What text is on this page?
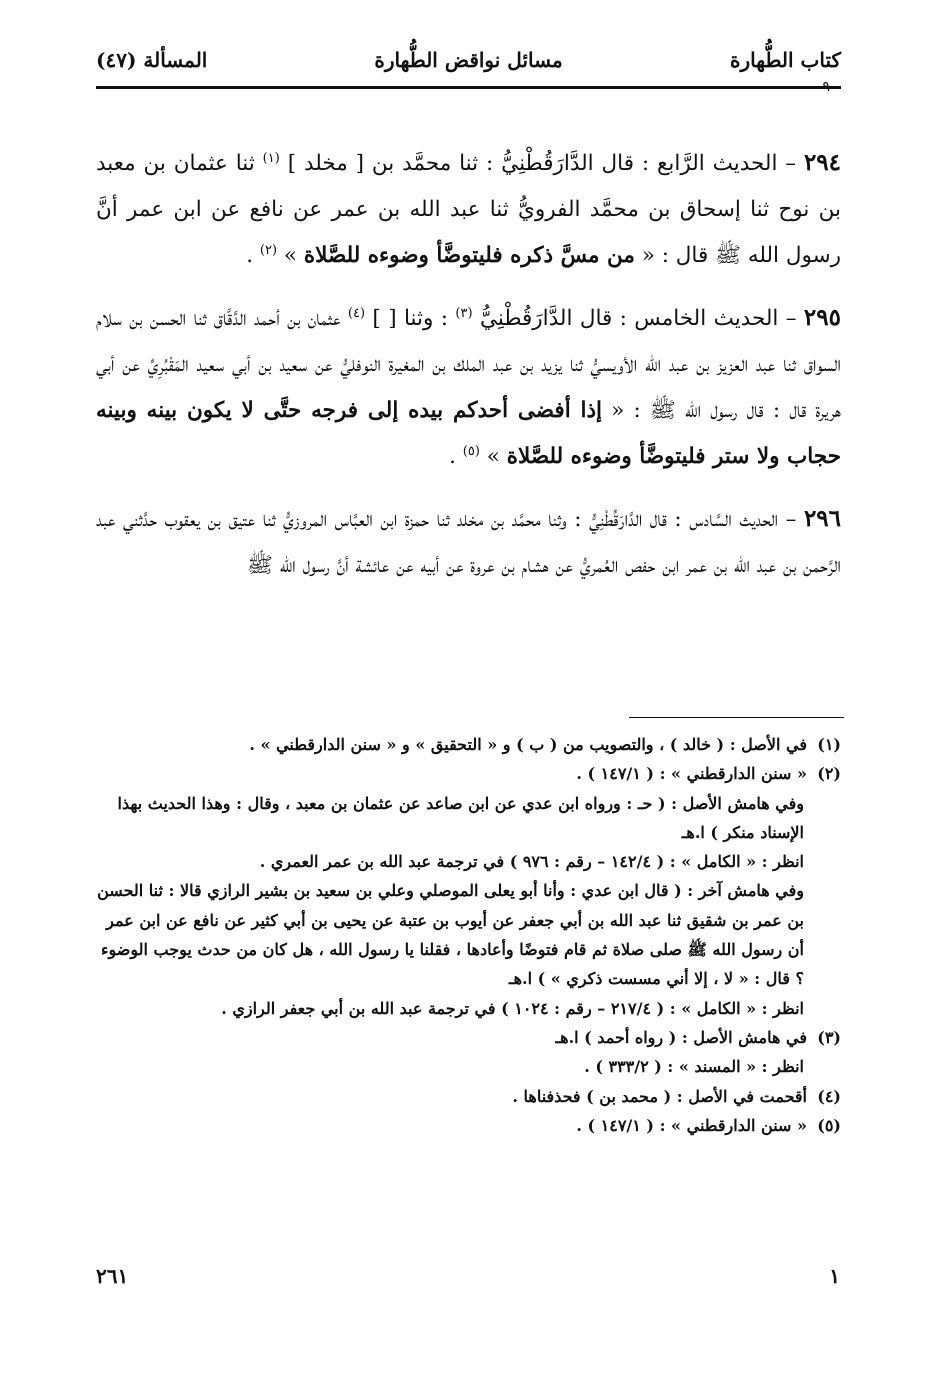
كتاب الطُّهارة
مسائل نواقض الطُّهارة
المسألة (٤٧)
٩

٢٩٤ – الحديث الرَّابع : قال الدَّارَقُطْنِيُّ : ثنا محمَّد بن [ مخلد ] $^{(١)}$ ثنا عثمان بن معبد بن نوح ثنا إسحاق بن محمَّد الفرويُّ ثنا عبد الله بن عمر عن نافع عن ابن عمر أنَّ رسول الله ﷺ قال : « من مسَّ ذكره فليتوضَّأ وضوءه للصَّلاة » $^{(٢)}$ .

٢٩٥ – الحديث الخامس : قال الدَّارَقُطْنِيُّ $^{(٣)}$ : وثنا [ ] $^{(٤)}$ عثمان بن أحمد الدَّقَّاق ثنا الحسن بن سلام السواق ثنا عبد العزيز بن عبد الله الأويسيُّ ثنا يزيد بن عبد الملك بن المغيرة النوفليُّ عن سعيد بن أبي سعيد المَقْبُرِيِّ عن أبي هريرة قال : قال رسول الله ﷺ : « إذا أفضى أحدكم بيده إلى فرجه حتَّى لا يكون بينه وبينه حجاب ولا ستر فليتوضَّأ وضوءه للصَّلاة » $^{(٥)}$ .

٢٩٦ – الحديث السَّادس : قال الدَّارَقُطْنِيُّ : وثنا محمَّد بن مخلد ثنا حمزة ابن العبَّاس المروزيُّ ثنا عتيق بن يعقوب حدَّثني عبد الرَّحمن بن عبد الله بن عمر ابن حفص العُمريُّ عن هشام بن عروة عن أبيه عن عائشة أنَّ رسول الله ﷺ

(١)في الأصل : ( خالد ) ، والتصويب من ( ب ) و « التحقيق » و « سنن الدارقطني » .

(٢)« سنن الدارقطني » : ( ١٤٧/١ ) .

وفي هامش الأصل : ( حـ : ورواه ابن عدي عن ابن صاعد عن عثمان بن معبد ، وقال : وهذا الحديث بهذا الإسناد منكر ) ا.هـ

انظر : « الكامل » : ( ١٤٢/٤ – رقم : ٩٧٦ ) في ترجمة عبد الله بن عمر العمري .

وفي هامش آخر : ( قال ابن عدي : وأنا أبو يعلى الموصلي وعلي بن سعيد بن بشير الرازي قالا : ثنا الحسن بن عمر بن شقيق ثنا عبد الله بن أبي جعفر عن أيوب بن عتبة عن يحيى بن أبي كثير عن نافع عن ابن عمر أن رسول الله ﷺ صلى صلاة ثم قام فتوضًا وأعادها ، فقلنا يا رسول الله ، هل كان من حدث يوجب الوضوء ؟ قال : « لا ، إلا أني مسست ذكري » ) ا.هـ

انظر : « الكامل » : ( ٢١٧/٤ – رقم : ١٠٢٤ ) في ترجمة عبد الله بن أبي جعفر الرازي .

(٣)في هامش الأصل : ( رواه أحمد ) ا.هـ

انظر : « المسند » : ( ٣٣٣/٢ ) .

(٤)أقحمت في الأصل : ( محمد بن ) فحذفناها .

(٥)« سنن الدارقطني » : ( ١٤٧/١ ) .

٢٦١	١
